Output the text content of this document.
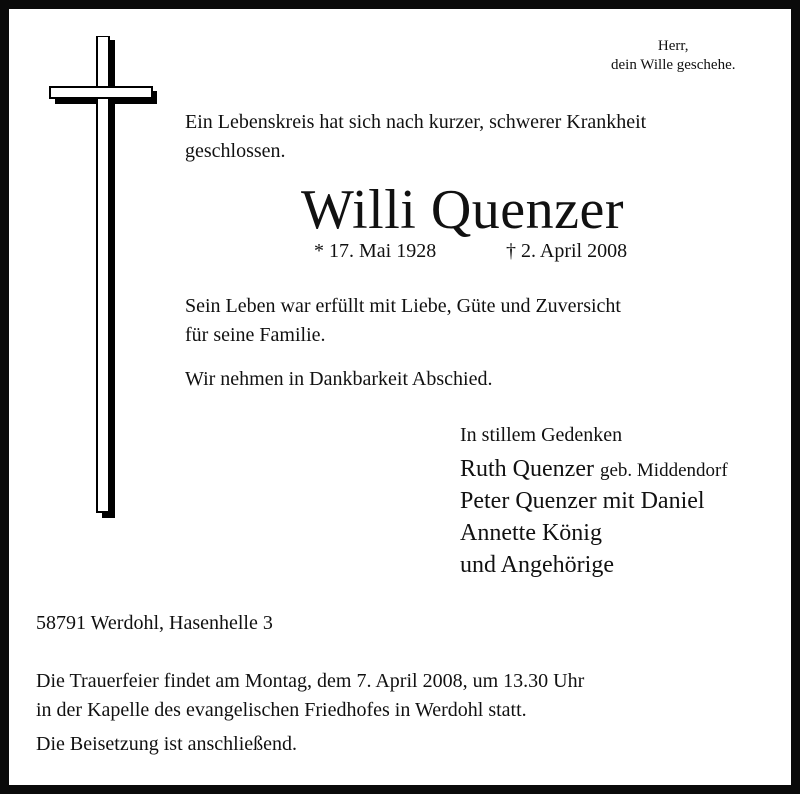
Herr,
dein Wille geschehe.

Ein Lebenskreis hat sich nach kurzer, schwerer Krankheit

geschlossen.

Willi Quenzer
* 17. Mai 1928	† 2. April 2008

Sein Leben war erfüllt mit Liebe, Güte und Zuversicht

für seine Familie.

Wir nehmen in Dankbarkeit Abschied.

In stillem Gedenken

Ruth Quenzer geb. Middendorf

Peter Quenzer mit Daniel

Annette König

und Angehörige

58791 Werdohl, Hasenhelle 3

Die Trauerfeier findet am Montag, dem 7. April 2008, um 13.30 Uhr

in der Kapelle des evangelischen Friedhofes in Werdohl statt.

Die Beisetzung ist anschließend.
